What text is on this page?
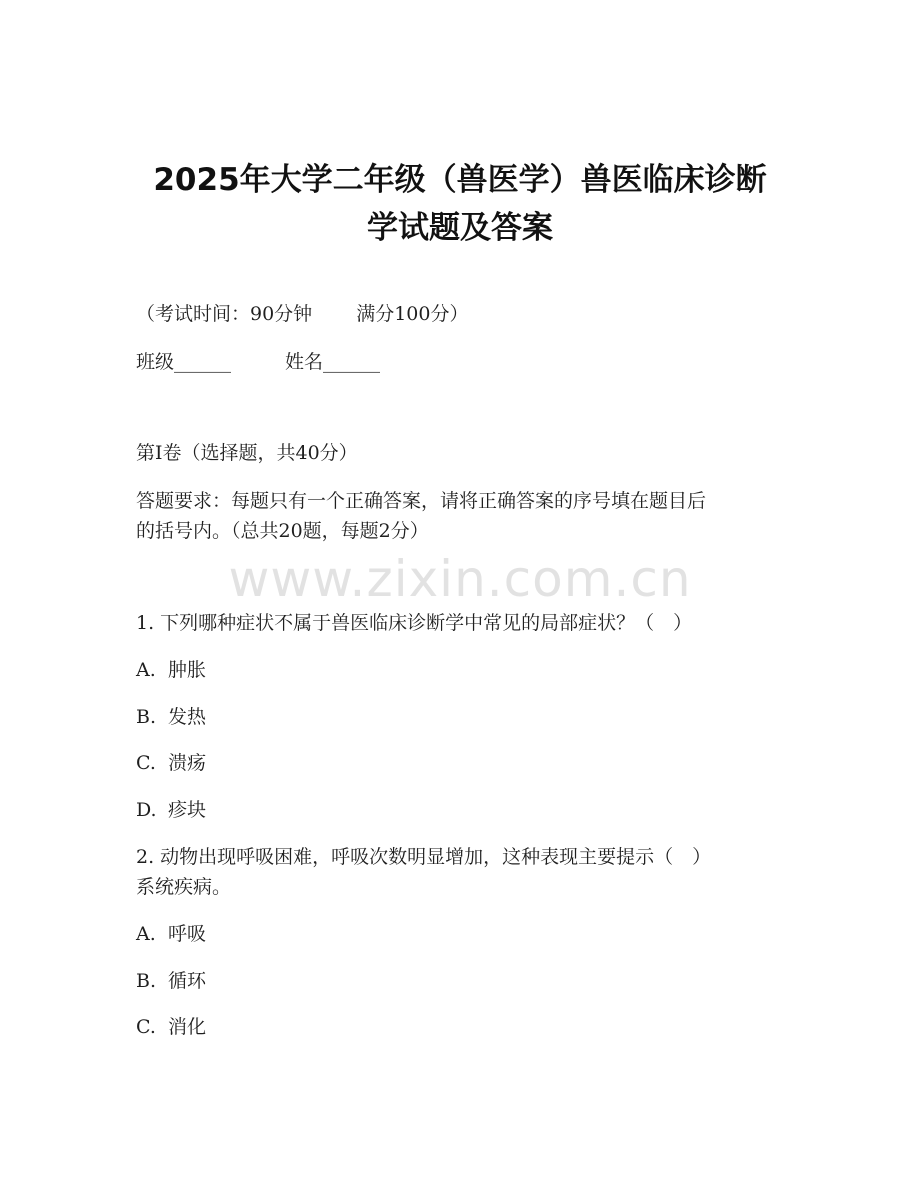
2025年大学二年级（兽医学）兽医临床诊断
学试题及答案
（考试时间：90分钟 满分100分）
班级______	姓名______
第I卷（选择题，共40分）
答题要求：每题只有一个正确答案，请将正确答案的序号填在题目后
的括号内。（总共20题，每题2分）
www.zixin.com.cn
1. 下列哪种症状不属于兽医临床诊断学中常见的局部症状？（　）
A. 肿胀
B. 发热
C. 溃疡
D. 疹块
2. 动物出现呼吸困难，呼吸次数明显增加，这种表现主要提示（　）
系统疾病。
A. 呼吸
B. 循环
C. 消化
